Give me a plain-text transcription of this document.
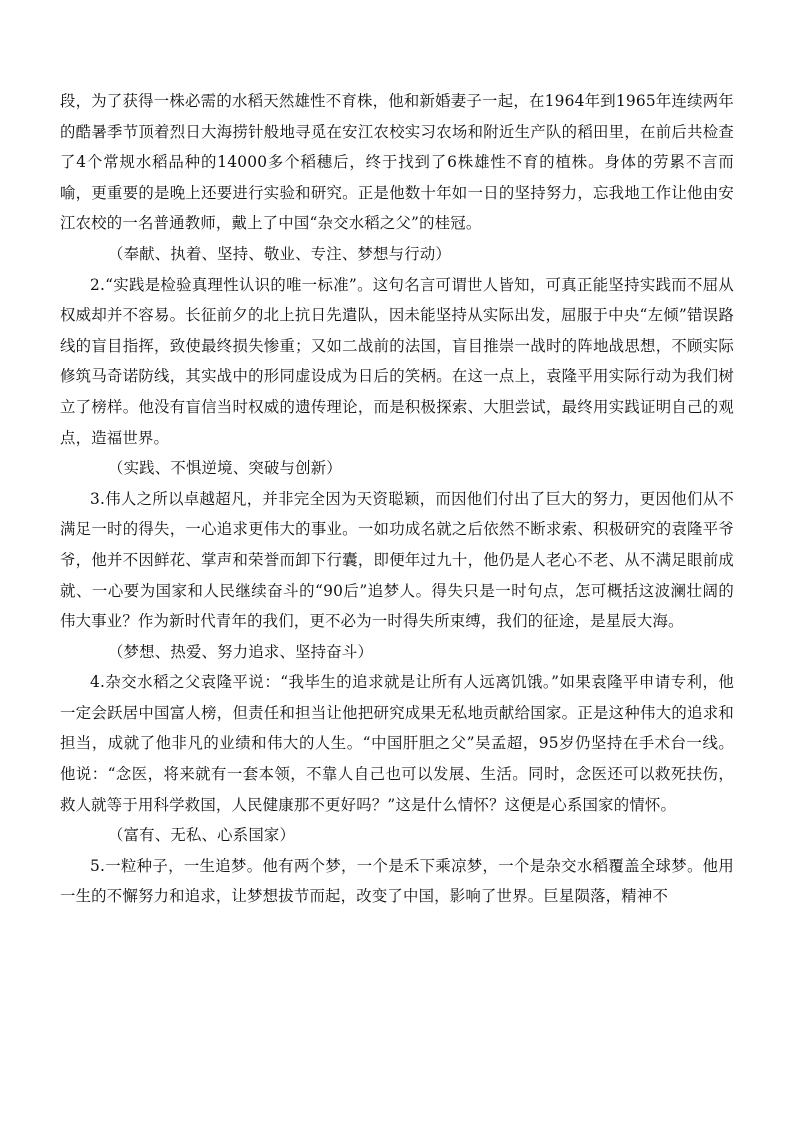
段，为了获得一株必需的水稻天然雄性不育株，他和新婚妻子一起，在1964年到1965年连续两年的酷暑季节顶着烈日大海捞针般地寻觅在安江农校实习农场和附近生产队的稻田里，在前后共检查了4个常规水稻品种的14000多个稻穗后，终于找到了6株雄性不育的植株。身体的劳累不言而喻，更重要的是晚上还要进行实验和研究。正是他数十年如一日的坚持努力，忘我地工作让他由安江农校的一名普通教师，戴上了中国“杂交水稻之父”的桂冠。

（奉献、执着、坚持、敬业、专注、梦想与行动）

2.“实践是检验真理性认识的唯一标准”。这句名言可谓世人皆知，可真正能坚持实践而不屈从权威却并不容易。长征前夕的北上抗日先遣队，因未能坚持从实际出发，屈服于中央“左倾”错误路线的盲目指挥，致使最终损失惨重；又如二战前的法国，盲目推崇一战时的阵地战思想，不顾实际修筑马奇诺防线，其实战中的形同虚设成为日后的笑柄。在这一点上，袁隆平用实际行动为我们树立了榜样。他没有盲信当时权威的遗传理论，而是积极探索、大胆尝试，最终用实践证明自己的观点，造福世界。

（实践、不惧逆境、突破与创新）

3.伟人之所以卓越超凡，并非完全因为天资聪颖，而因他们付出了巨大的努力，更因他们从不满足一时的得失，一心追求更伟大的事业。一如功成名就之后依然不断求索、积极研究的袁隆平爷爷，他并不因鲜花、掌声和荣誉而卸下行囊，即便年过九十，他仍是人老心不老、从不满足眼前成就、一心要为国家和人民继续奋斗的“90后”追梦人。得失只是一时句点，怎可概括这波澜壮阔的伟大事业？作为新时代青年的我们，更不必为一时得失所束缚，我们的征途，是星辰大海。

（梦想、热爱、努力追求、坚持奋斗）

4.杂交水稻之父袁隆平说：“我毕生的追求就是让所有人远离饥饿。”如果袁隆平申请专利，他一定会跃居中国富人榜，但责任和担当让他把研究成果无私地贡献给国家。正是这种伟大的追求和担当，成就了他非凡的业绩和伟大的人生。“中国肝胆之父”吴孟超，95岁仍坚持在手术台一线。他说：“念医，将来就有一套本领，不靠人自己也可以发展、生活。同时，念医还可以救死扶伤，救人就等于用科学救国，人民健康那不更好吗？”这是什么情怀？这便是心系国家的情怀。

（富有、无私、心系国家）

5.一粒种子，一生追梦。他有两个梦，一个是禾下乘凉梦，一个是杂交水稻覆盖全球梦。他用一生的不懈努力和追求，让梦想拔节而起，改变了中国，影响了世界。巨星陨落，精神不
